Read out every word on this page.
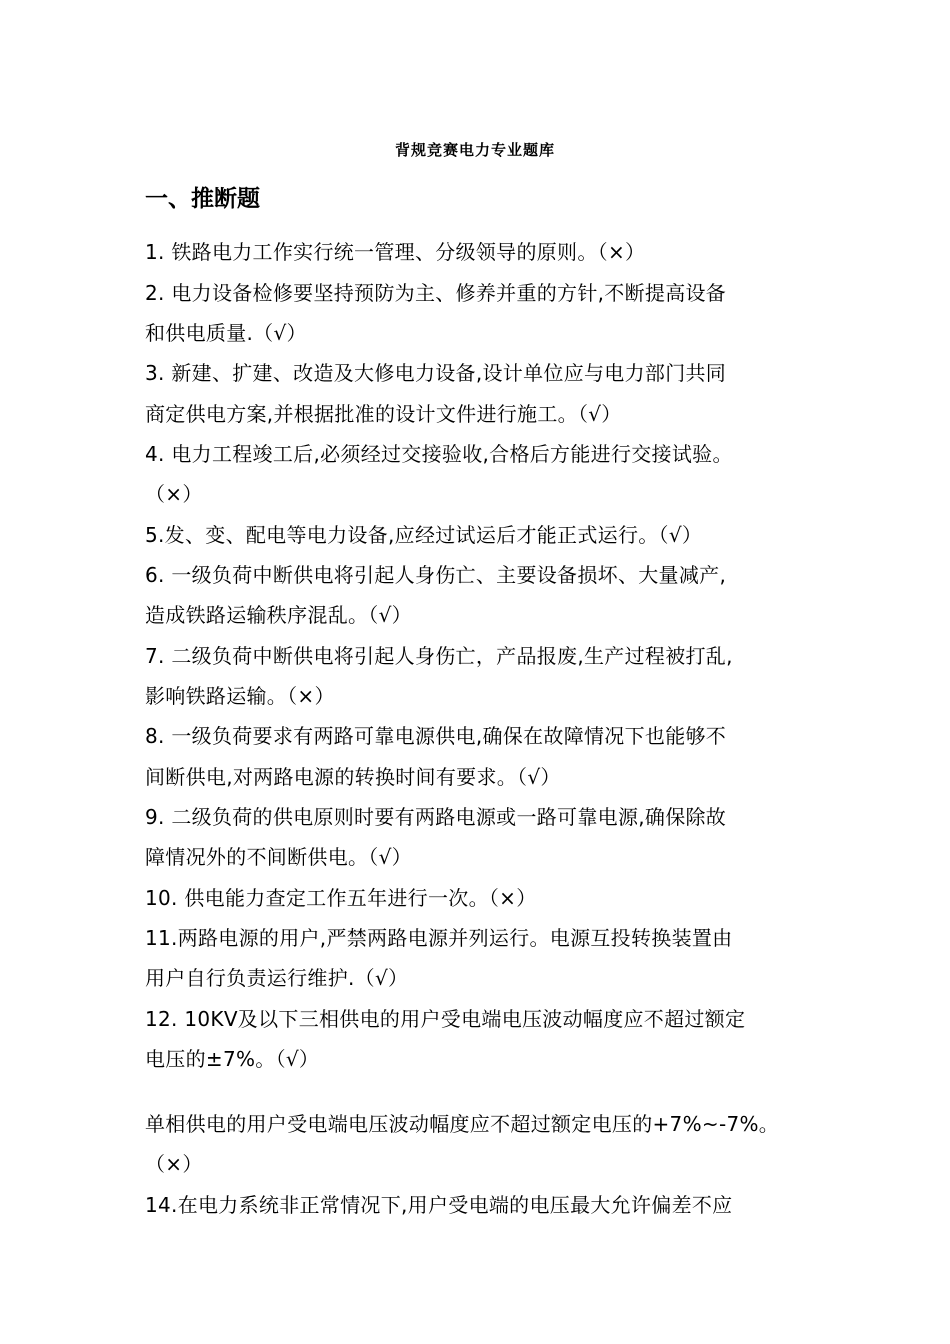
背规竞赛电力专业题库
一、推断题
1. 铁路电力工作实行统一管理、分级领导的原则。（×）
2. 电力设备检修要坚持预防为主、修养并重的方针,不断提高设备
和供电质量.（√）
3. 新建、扩建、改造及大修电力设备,设计单位应与电力部门共同
商定供电方案,并根据批准的设计文件进行施工。（√）
4. 电力工程竣工后,必须经过交接验收,合格后方能进行交接试验。
（×）
5.发、变、配电等电力设备,应经过试运后才能正式运行。（√）
6. 一级负荷中断供电将引起人身伤亡、主要设备损坏、大量减产,
造成铁路运输秩序混乱。（√）
7. 二级负荷中断供电将引起人身伤亡，产品报废,生产过程被打乱,
影响铁路运输。（×）
8. 一级负荷要求有两路可靠电源供电,确保在故障情况下也能够不
间断供电,对两路电源的转换时间有要求。（√）
9. 二级负荷的供电原则时要有两路电源或一路可靠电源,确保除故
障情况外的不间断供电。（√）
10. 供电能力查定工作五年进行一次。（×）
11.两路电源的用户,严禁两路电源并列运行。电源互投转换装置由
用户自行负责运行维护.（√）
12. 10KV及以下三相供电的用户受电端电压波动幅度应不超过额定
电压的±7%。（√）
单相供电的用户受电端电压波动幅度应不超过额定电压的+7%~-7%。
（×）
14.在电力系统非正常情况下,用户受电端的电压最大允许偏差不应
